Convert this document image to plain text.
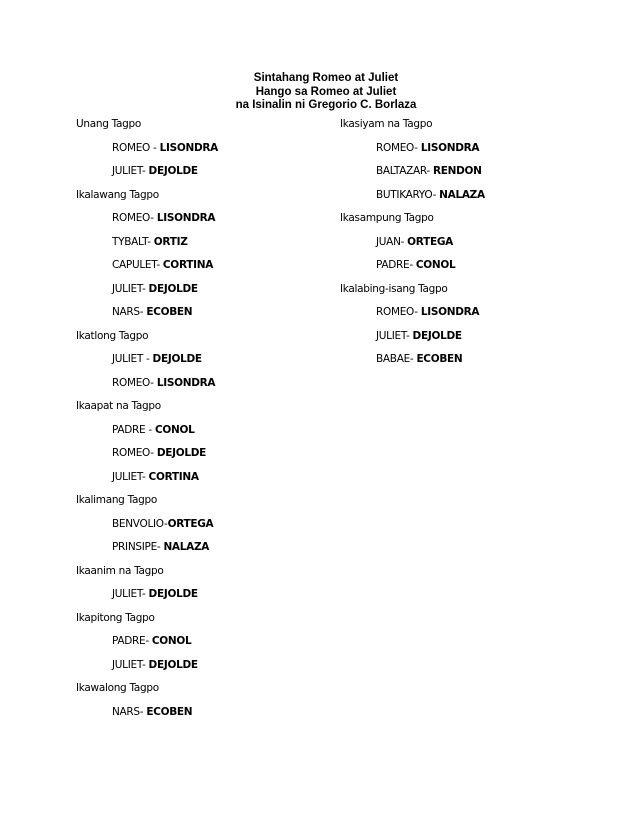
Sintahang Romeo at Juliet
Hango sa Romeo at Juliet
na Isinalin ni Gregorio C. Borlaza
Unang Tagpo
ROMEO - LISONDRA
JULIET- DEJOLDE
Ikalawang Tagpo
ROMEO- LISONDRA
TYBALT- ORTIZ
CAPULET- CORTINA
JULIET- DEJOLDE
NARS- ECOBEN
Ikatlong Tagpo
JULIET - DEJOLDE
ROMEO- LISONDRA
Ikaapat na Tagpo
PADRE - CONOL
ROMEO- DEJOLDE
JULIET- CORTINA
Ikalimang Tagpo
BENVOLIO-ORTEGA
PRINSIPE- NALAZA
Ikaanim na Tagpo
JULIET- DEJOLDE
Ikapitong Tagpo
PADRE- CONOL
JULIET- DEJOLDE
Ikawalong Tagpo
NARS- ECOBEN
Ikasiyam na Tagpo
ROMEO- LISONDRA
BALTAZAR- RENDON
BUTIKARYO- NALAZA
Ikasampung Tagpo
JUAN- ORTEGA
PADRE- CONOL
Ikalabing-isang Tagpo
ROMEO- LISONDRA
JULIET- DEJOLDE
BABAE- ECOBEN
